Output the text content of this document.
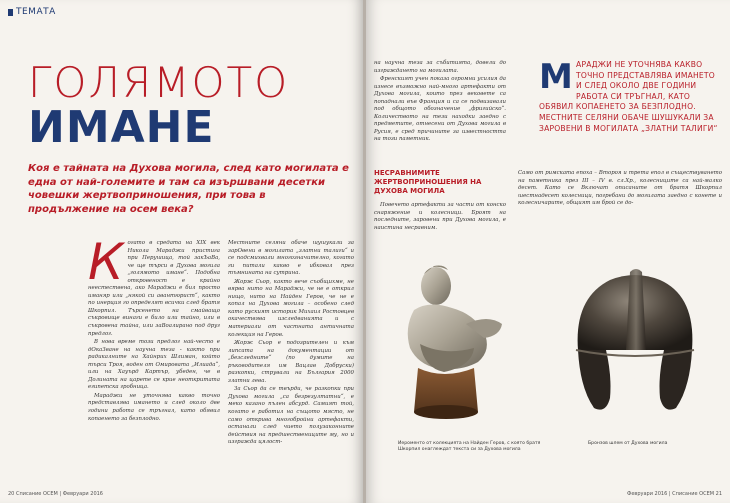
ТЕМАТА
ГОЛЯМОТО
ИМАНЕ
Коя е тайната на Духова могила, след като могилата е една от най-големите и там са изършвани десетки човешки жертвоприношения, при това в продължение на осем века?

Когато в средата на XIX век Никола Мараджи пристига при Перушица, той закЪаВа, че ще търси в Духова могила „голямото имане“. Подобна откровеност е крайно неестествена, ако Мараджи е бил просто иманяр или „някой си авантюрист“, както по инерция го определят всички след братя Шкорпил. Търсенето на смайващо съкровище винаги е било или тайно, или в съкровена тайна, или заВоалирано под друг предлог.

В нова време този предлог най-често е дОкаЗване на научна теза - както при радикалните на Хайнрих Шлиман, който търси Троя, воден от Омировата „Илиада“, или на Хауърд Картър, убеден, че в Долината на царете се крие неоткритата египетска гробница.

Мараджи не уточнява какво точно представлява имането и след около две години работа се тръгнал, като обявил копаенето за безплодно.

Местните селяни обаче шушукали за зарОвени в могилата „златни талиги“ и се подсмихвали многозначително, когато ги питали какво е ибковал през тъмнината на сутрина.

Жорж Сьор, както вече съобщихме, не вярва нито на Мараджи, че не е открил нищо, нито на Найден Геров, че не е копал на Духова могила – особено след като руският историк Михаил Ростовцев окачествява изследванията и с материали от частната античната колекция на Геров.

Жорж Сьор е подозрителен и към липсата на документации от „безследните“ (по думите на ръководителя им Вацлав Добруски) разкопки, стрували на България 2000 златни лева.

За Сьор да се твърди, че разкопки при Духова могила „са безрезултатни“, е меко казано пълен абсурд. Самият той, когато е работил на същото място, не само открива многобройни артефакти, останали след чието полузаконните действия на предшествениците му, но и изгражда цялост-

20 Списание ОСЕМ | Февруари 2016

на научна теза за събитията, довели до изграждането на могилата.

Френският учен показа огромни усилия да изнесе възможно най-много артефакти от Духова могила, които през вековете са попаднали във Франция и са се подвизавали под общото обозначение „фригийско“. Количеството на тези находки заедно с предметите, отнесени от Духова могила в Русия, е сред причините за известността на този паметник.

НЕСРАВНИМИТЕ ЖЕРТВОПРИНОШЕНИЯ НА ДУХОВА МОГИЛА

Повечето артефакти за части от конско снаряжение и колесници. Броят на последните, заровени при Духова могила, е наистина несравним.

М АРАДЖИ НЕ УТОЧНЯВА КАКВО ТОЧНО ПРЕДСТАВЛЯВА ИМАНЕТО И СЛЕД ОКОЛО ДВЕ ГОДИНИ РАБОТА СИ ТРЪГНАЛ, КАТО ОБЯВИЛ КОПАЕНЕТО ЗА БЕЗПЛОДНО. МЕСТНИТЕ СЕЛЯНИ ОБАЧЕ ШУШУКАЛИ ЗА ЗАРОВЕНИ В МОГИЛАТА „ЗЛАТНИ ТАЛИГИ“

Само от римската епоха – Второя и трета епол в съществуването на паметника през III – IV в. сл.Хр., колесниците са най-малко десет. Като се Включат описаните от братя Шкорпил шестнадесет колесници, погребани до могилата заедно с конете и колесничарите, общият им брой се до-

Иероменто от колекцията на Найден Геров, с която братя Шкорпил онаглеждат текста си за Духова могила
Бронзов шлем от Духова могила
Февруари 2016 | Списание ОСЕМ 21
